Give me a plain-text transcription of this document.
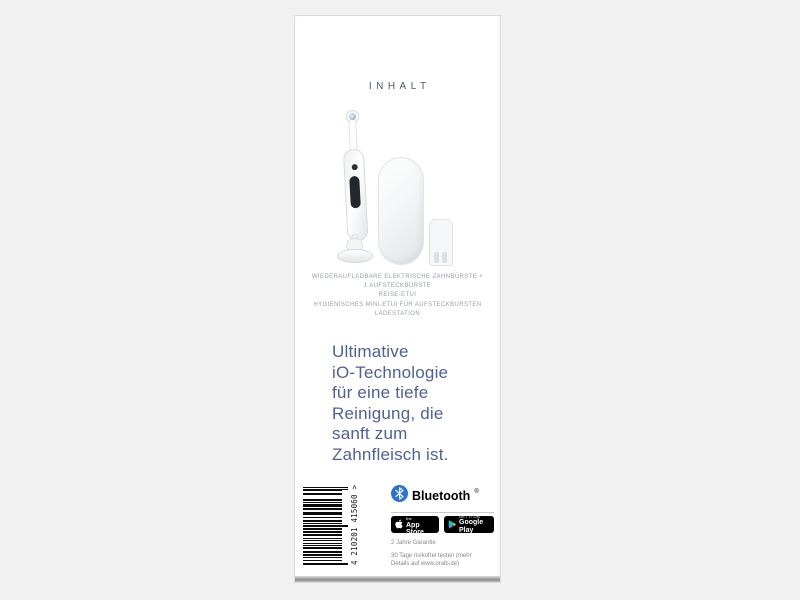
INHALT
WIEDERAUFLADBARE ELEKTRISCHE ZAHNBÜRSTE +
1 AUFSTECKBÜRSTE
REISE-ETUI
HYGIENISCHES MINI-ETUI FÜR AUFSTECKBÜRSTEN
LADESTATION
Ultimative
iO-Technologie
für eine tiefe
Reinigung, die
sanft zum
Zahnfleisch ist.
4 210201 415060 >	Bluetooth ®
Download on the
App Store
GET IT ON
Google Play
2 Jahre Garantie
30 Tage risikofrei testen (mehr
Details auf www.oralb.de)
